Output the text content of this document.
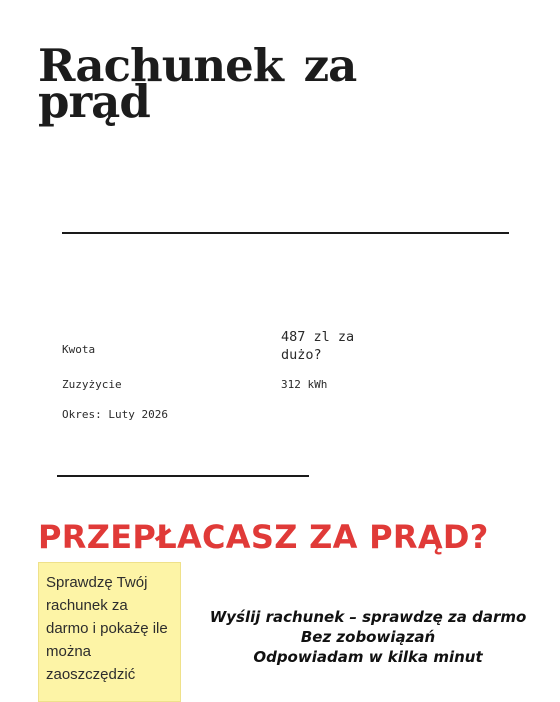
Rachunek za prąd

Kwota

487 zl za dużo?

Zuzyżycie	312 kWh

Okres: Luty 2026

PRZEPŁACASZ ZA PRĄD?
Sprawdzę Twój rachunek za darmo i pokażę ile można zaoszczędzić
Wyślij rachunek – sprawdzę za darmo
Bez zobowiązań
Odpowiadam w kilka minut
